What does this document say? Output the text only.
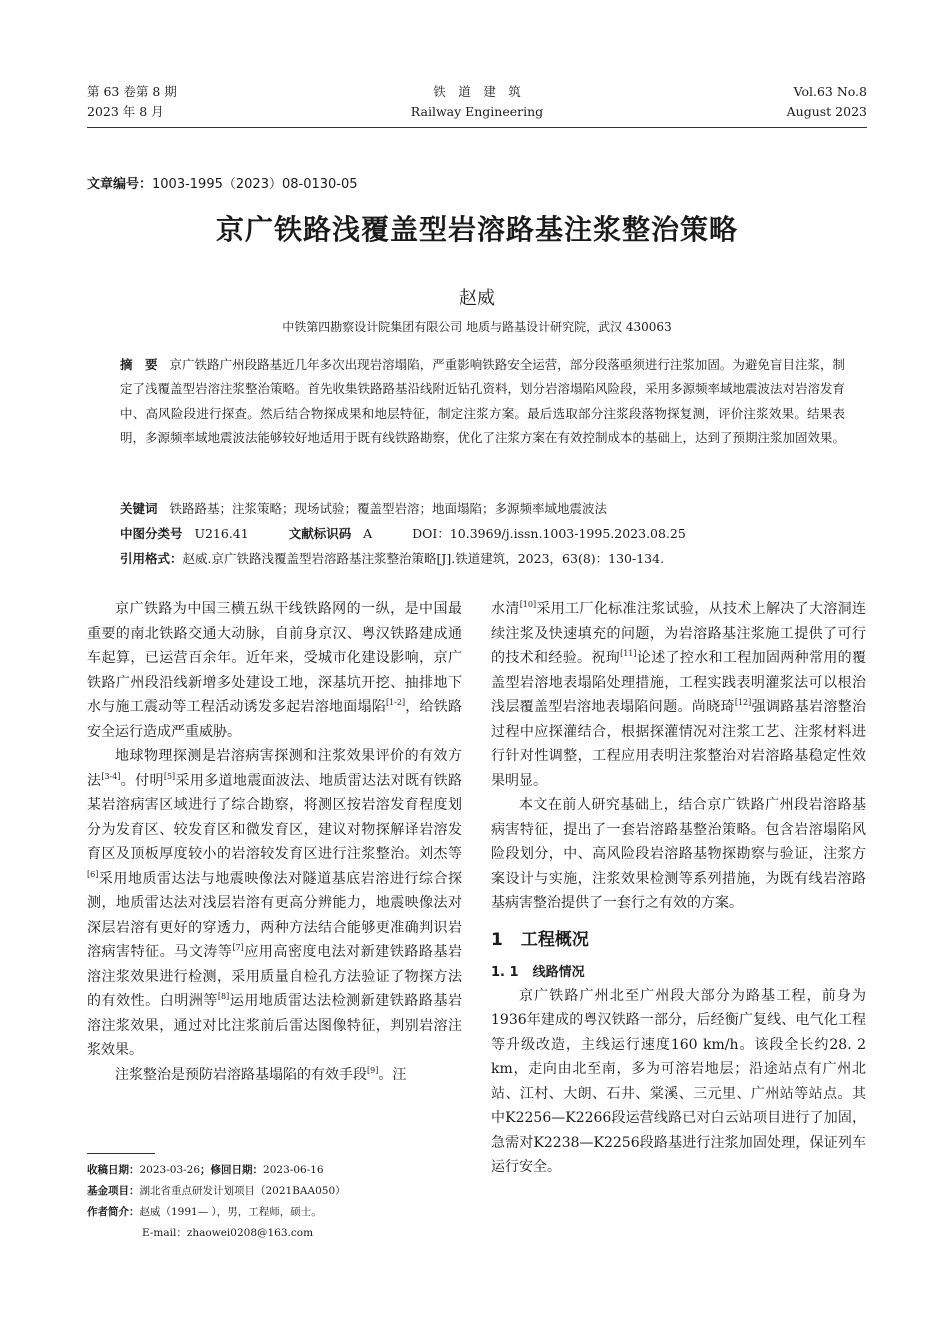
第 63 卷第 8 期
2023 年 8 月
铁　道　建　筑
Railway Engineering
Vol.63 No.8
August 2023
文章编号：1003-1995（2023）08-0130-05
京广铁路浅覆盖型岩溶路基注浆整治策略
赵威
中铁第四勘察设计院集团有限公司 地质与路基设计研究院，武汉 430063
摘　要 京广铁路广州段路基近几年多次出现岩溶塌陷，严重影响铁路安全运营，部分段落亟须进行注浆加固。为避免盲目注浆，制定了浅覆盖型岩溶注浆整治策略。首先收集铁路路基沿线附近钻孔资料，划分岩溶塌陷风险段，采用多源频率域地震波法对岩溶发育中、高风险段进行探查。然后结合物探成果和地层特征，制定注浆方案。最后选取部分注浆段落物探复测，评价注浆效果。结果表明，多源频率域地震波法能够较好地适用于既有线铁路勘察，优化了注浆方案在有效控制成本的基础上，达到了预期注浆加固效果。
关键词 铁路路基；注浆策略；现场试验；覆盖型岩溶；地面塌陷；多源频率域地震波法
中图分类号 U216.41	文献标识码 A	DOI：10.3969/j.issn.1003-1995.2023.08.25
引用格式：赵威.京广铁路浅覆盖型岩溶路基注浆整治策略[J].铁道建筑，2023，63(8)：130-134.

京广铁路为中国三横五纵干线铁路网的一纵，是中国最重要的南北铁路交通大动脉，自前身京汉、粤汉铁路建成通车起算，已运营百余年。近年来，受城市化建设影响，京广铁路广州段沿线新增多处建设工地，深基坑开挖、抽排地下水与施工震动等工程活动诱发多起岩溶地面塌陷[1-2]，给铁路安全运行造成严重威胁。

地球物理探测是岩溶病害探测和注浆效果评价的有效方法[3-4]。付明[5]采用多道地震面波法、地质雷达法对既有铁路某岩溶病害区域进行了综合勘察，将测区按岩溶发育程度划分为发育区、较发育区和微发育区，建议对物探解译岩溶发育区及顶板厚度较小的岩溶较发育区进行注浆整治。刘杰等[6]采用地质雷达法与地震映像法对隧道基底岩溶进行综合探测，地质雷达法对浅层岩溶有更高分辨能力，地震映像法对深层岩溶有更好的穿透力，两种方法结合能够更准确判识岩溶病害特征。马文涛等[7]应用高密度电法对新建铁路路基岩溶注浆效果进行检测，采用质量自检孔方法验证了物探方法的有效性。白明洲等[8]运用地质雷达法检测新建铁路路基岩溶注浆效果，通过对比注浆前后雷达图像特征，判别岩溶注浆效果。

注浆整治是预防岩溶路基塌陷的有效手段[9]。汪

收稿日期：2023-03-26；修回日期：2023-06-16
基金项目：湖北省重点研发计划项目（2021BAA050）
作者简介：赵威（1991— ），男，工程师，硕士。
E-mail：zhaowei0208@163.com

水清[10]采用工厂化标准注浆试验，从技术上解决了大溶洞连续注浆及快速填充的问题，为岩溶路基注浆施工提供了可行的技术和经验。祝珣[11]论述了控水和工程加固两种常用的覆盖型岩溶地表塌陷处理措施，工程实践表明灌浆法可以根治浅层覆盖型岩溶地表塌陷问题。尚晓琦[12]强调路基岩溶整治过程中应探灌结合，根据探灌情况对注浆工艺、注浆材料进行针对性调整，工程应用表明注浆整治对岩溶路基稳定性效果明显。

本文在前人研究基础上，结合京广铁路广州段岩溶路基病害特征，提出了一套岩溶路基整治策略。包含岩溶塌陷风险段划分，中、高风险段岩溶路基物探勘察与验证，注浆方案设计与实施，注浆效果检测等系列措施，为既有线岩溶路基病害整治提供了一套行之有效的方案。

1 工程概况
1. 1 线路情况

京广铁路广州北至广州段大部分为路基工程，前身为1936年建成的粤汉铁路一部分，后经衡广复线、电气化工程等升级改造，主线运行速度160 km/h。该段全长约28. 2 km，走向由北至南，多为可溶岩地层；沿途站点有广州北站、江村、大朗、石井、棠溪、三元里、广州站等站点。其中K2256—K2266段运营线路已对白云站项目进行了加固，急需对K2238—K2256段路基进行注浆加固处理，保证列车运行安全。
